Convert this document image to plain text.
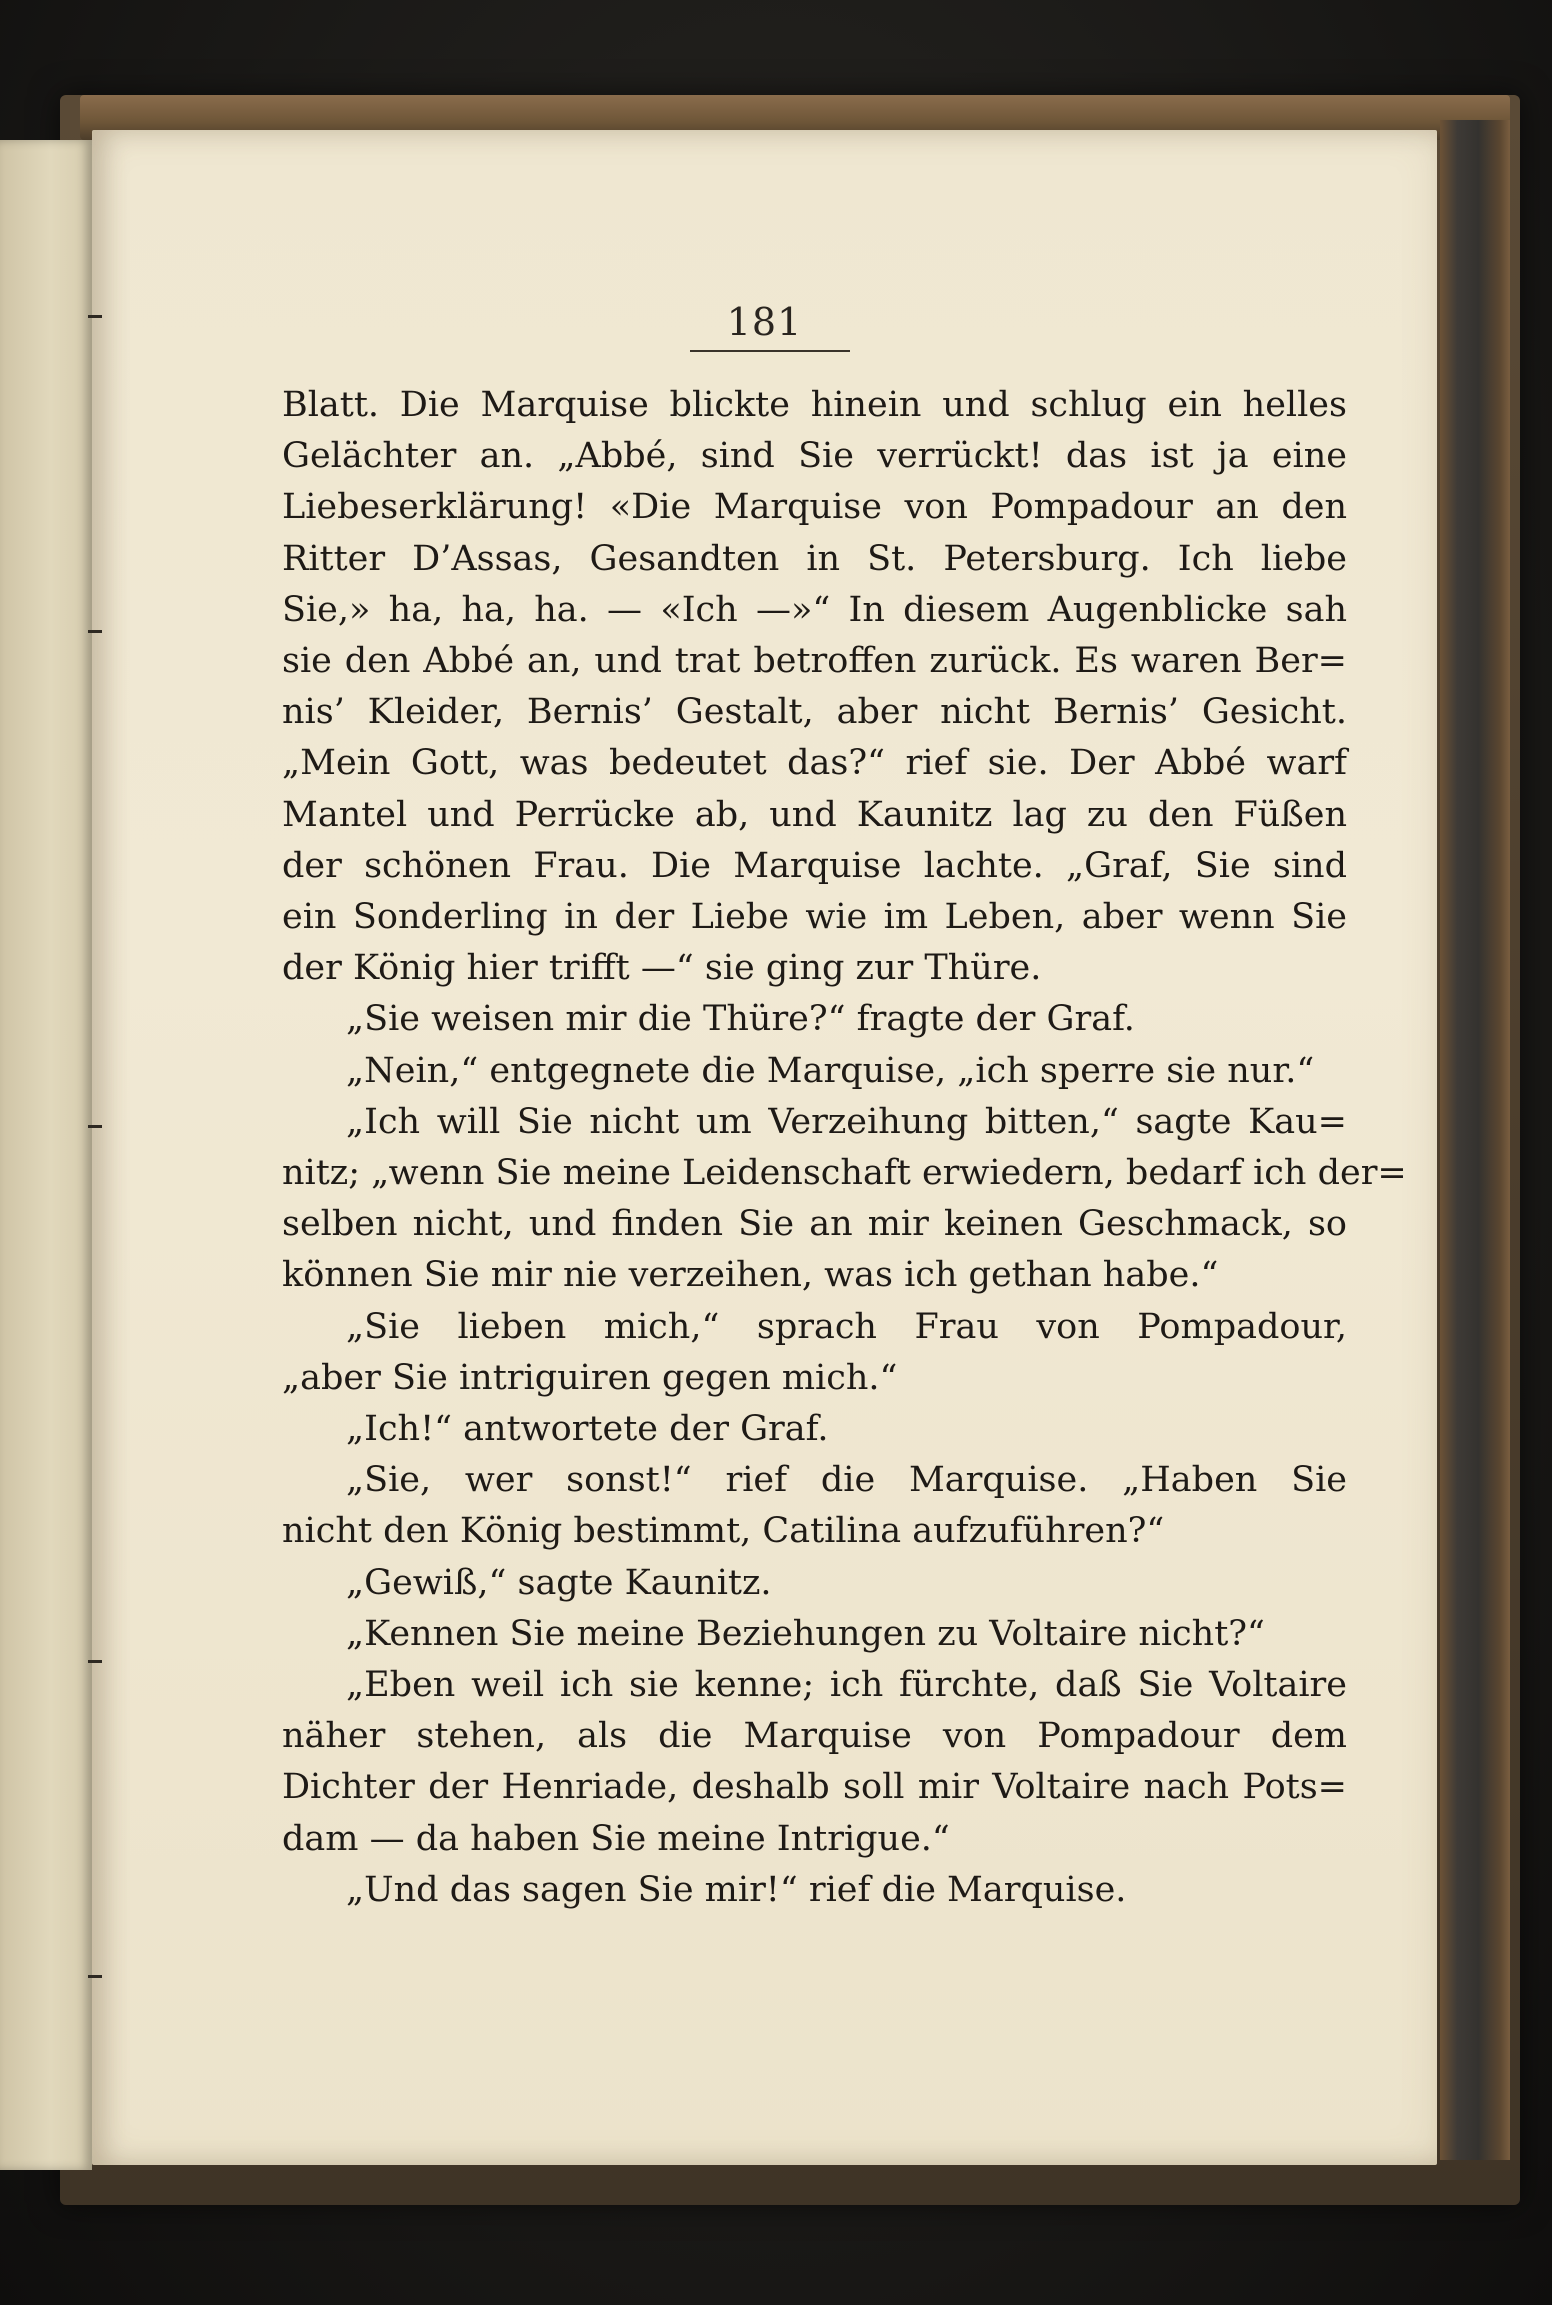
181
Blatt. Die Marquise blickte hinein und schlug ein helles
Gelächter an. „Abbé, sind Sie verrückt! das ist ja eine
Liebeserklärung! «Die Marquise von Pompadour an den
Ritter D’Assas, Gesandten in St. Petersburg. Ich liebe
Sie,» ha, ha, ha. — «Ich —»“ In diesem Augenblicke sah
sie den Abbé an, und trat betroffen zurück. Es waren Ber=
nis’ Kleider, Bernis’ Gestalt, aber nicht Bernis’ Gesicht.
„Mein Gott, was bedeutet das?“ rief sie. Der Abbé warf
Mantel und Perrücke ab, und Kaunitz lag zu den Füßen
der schönen Frau. Die Marquise lachte. „Graf, Sie sind
ein Sonderling in der Liebe wie im Leben, aber wenn Sie
der König hier trifft —“ sie ging zur Thüre.
„Sie weisen mir die Thüre?“ fragte der Graf.
„Nein,“ entgegnete die Marquise, „ich sperre sie nur.“
„Ich will Sie nicht um Verzeihung bitten,“ sagte Kau=
nitz; „wenn Sie meine Leidenschaft erwiedern, bedarf ich der=
selben nicht, und finden Sie an mir keinen Geschmack, so
können Sie mir nie verzeihen, was ich gethan habe.“
„Sie lieben mich,“ sprach Frau von Pompadour,
„aber Sie intriguiren gegen mich.“
„Ich!“ antwortete der Graf.
„Sie, wer sonst!“ rief die Marquise. „Haben Sie
nicht den König bestimmt, Catilina aufzuführen?“
„Gewiß,“ sagte Kaunitz.
„Kennen Sie meine Beziehungen zu Voltaire nicht?“
„Eben weil ich sie kenne; ich fürchte, daß Sie Voltaire
näher stehen, als die Marquise von Pompadour dem
Dichter der Henriade, deshalb soll mir Voltaire nach Pots=
dam — da haben Sie meine Intrigue.“
„Und das sagen Sie mir!“ rief die Marquise.
